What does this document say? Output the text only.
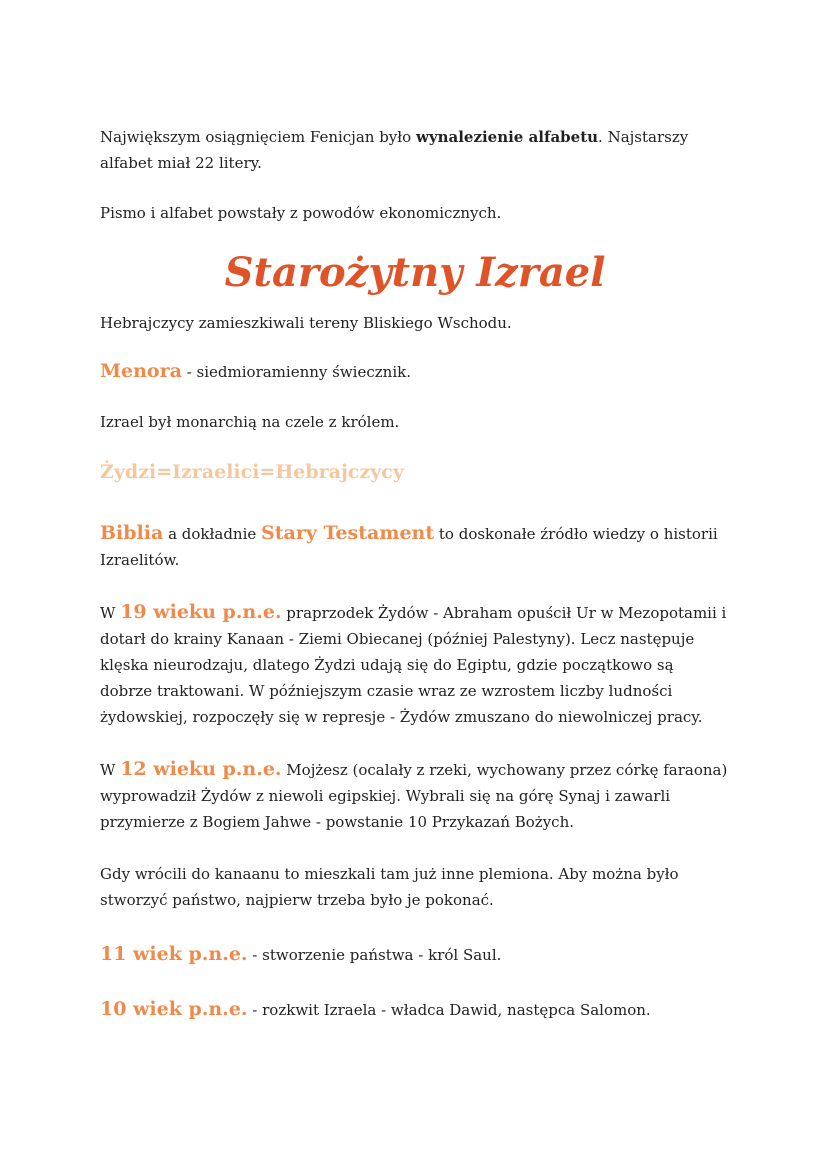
Największym osiągnięciem Fenicjan było wynalezienie alfabetu. Najstarszy alfabet miał 22 litery.

Pismo i alfabet powstały z powodów ekonomicznych.

Starożytny Izrael

Hebrajczycy zamieszkiwali tereny Bliskiego Wschodu.

Menora - siedmioramienny świecznik.

Izrael był monarchią na czele z królem.

Żydzi=Izraelici=Hebrajczycy

Biblia a dokładnie Stary Testament to doskonałe źródło wiedzy o historii Izraelitów.

W 19 wieku p.n.e. praprzodek Żydów - Abraham opuścił Ur w Mezopotamii i dotarł do krainy Kanaan - Ziemi Obiecanej (później Palestyny). Lecz następuje klęska nieurodzaju, dlatego Żydzi udają się do Egiptu, gdzie początkowo są dobrze traktowani. W późniejszym czasie wraz ze wzrostem liczby ludności żydowskiej, rozpoczęły się w represje - Żydów zmuszano do niewolniczej pracy.

W 12 wieku p.n.e. Mojżesz (ocalały z rzeki, wychowany przez córkę faraona) wyprowadził Żydów z niewoli egipskiej. Wybrali się na górę Synaj i zawarli przymierze z Bogiem Jahwe - powstanie 10 Przykazań Bożych.

Gdy wrócili do kanaanu to mieszkali tam już inne plemiona. Aby można było stworzyć państwo, najpierw trzeba było je pokonać.

11 wiek p.n.e. - stworzenie państwa - król Saul.

10 wiek p.n.e. - rozkwit Izraela - władca Dawid, następca Salomon.
